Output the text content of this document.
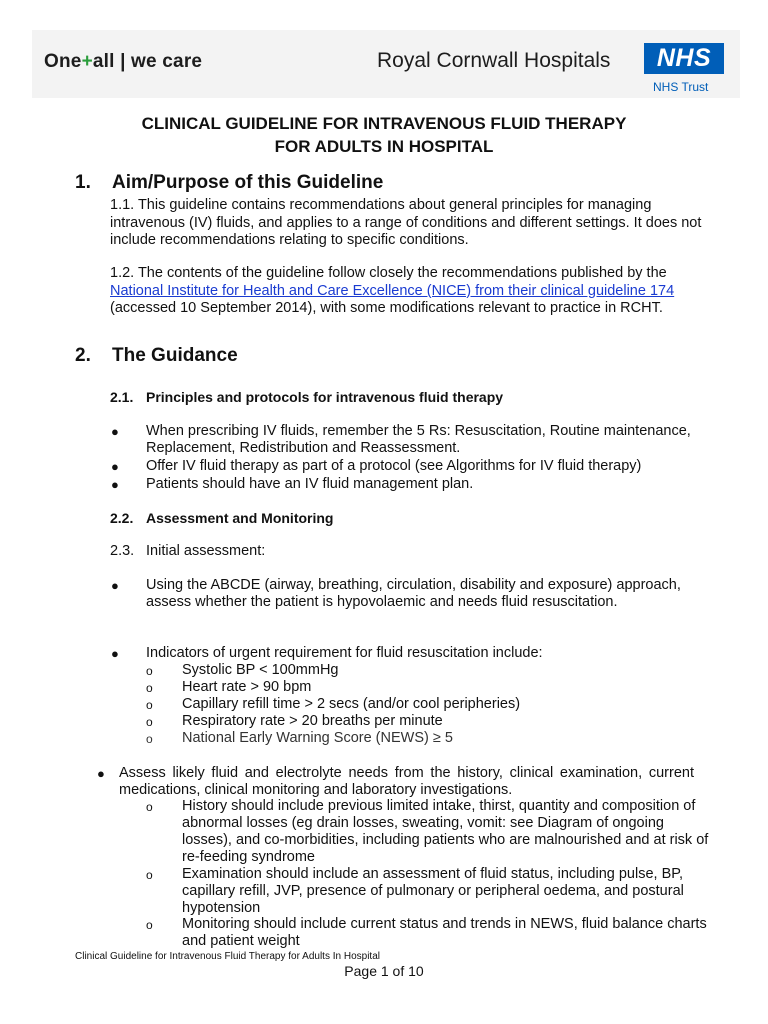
One+all | we care	Royal Cornwall Hospitals	NHS
NHS Trust
CLINICAL GUIDELINE FOR INTRAVENOUS FLUID THERAPY
FOR ADULTS IN HOSPITAL
1. Aim/Purpose of this Guideline
1.1. This guideline contains recommendations about general principles for managing intravenous (IV) fluids, and applies to a range of conditions and different settings. It does not include recommendations relating to specific conditions.
1.2. The contents of the guideline follow closely the recommendations published by the National Institute for Health and Care Excellence (NICE) from their clinical guideline 174 (accessed 10 September 2014), with some modifications relevant to practice in RCHT.
2. The Guidance
2.1. Principles and protocols for intravenous fluid therapy
● When prescribing IV fluids, remember the 5 Rs: Resuscitation, Routine maintenance, Replacement, Redistribution and Reassessment.
● Offer IV fluid therapy as part of a protocol (see Algorithms for IV fluid therapy)
● Patients should have an IV fluid management plan.
2.2. Assessment and Monitoring
2.3. Initial assessment:
● Using the ABCDE (airway, breathing, circulation, disability and exposure) approach, assess whether the patient is hypovolaemic and needs fluid resuscitation.
● Indicators of urgent requirement for fluid resuscitation include:
o Systolic BP < 100mmHg
o Heart rate > 90 bpm
o Capillary refill time > 2 secs (and/or cool peripheries)
o Respiratory rate > 20 breaths per minute
o National Early Warning Score (NEWS) ≥ 5
● Assess likely fluid and electrolyte needs from the history, clinical examination, current medications, clinical monitoring and laboratory investigations.
o History should include previous limited intake, thirst, quantity and composition of abnormal losses (eg drain losses, sweating, vomit: see Diagram of ongoing losses), and co-morbidities, including patients who are malnourished and at risk of re-feeding syndrome
o Examination should include an assessment of fluid status, including pulse, BP, capillary refill, JVP, presence of pulmonary or peripheral oedema, and postural hypotension
o Monitoring should include current status and trends in NEWS, fluid balance charts and patient weight
Clinical Guideline for Intravenous Fluid Therapy for Adults In Hospital
Page 1 of 10
